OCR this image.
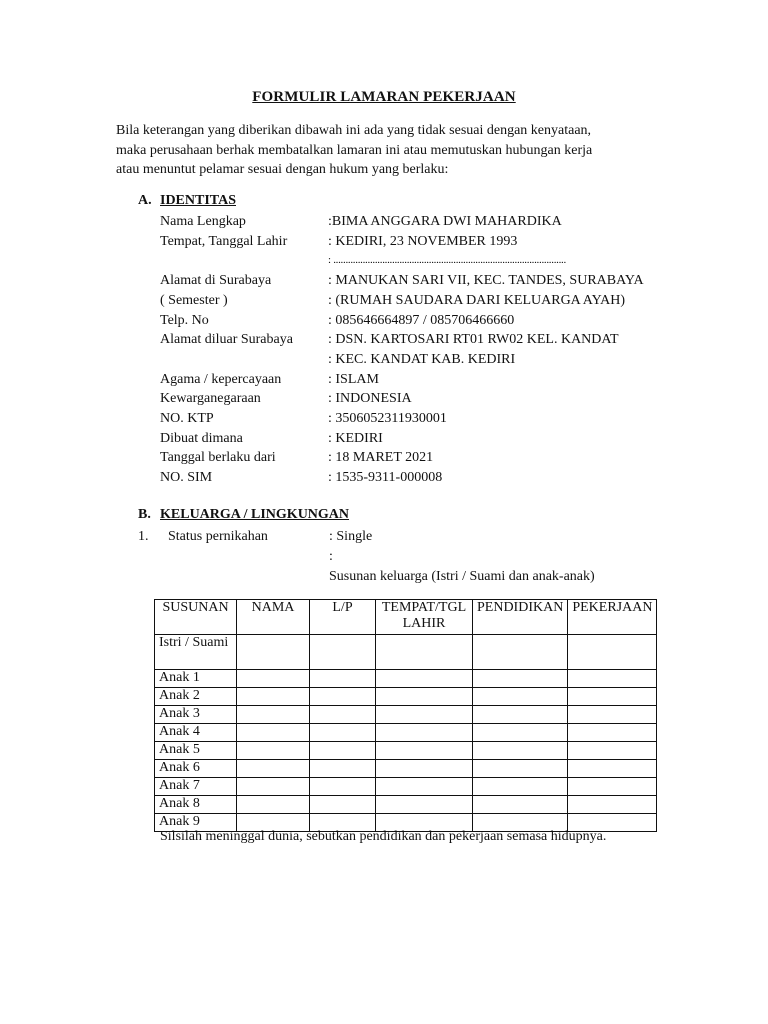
FORMULIR LAMARAN PEKERJAAN
Bila keterangan yang diberikan dibawah ini ada yang tidak sesuai dengan kenyataan,
maka perusahaan berhak membatalkan lamaran ini atau memutuskan hubungan kerja
atau menuntut pelamar sesuai dengan hukum yang berlaku:
A. IDENTITAS
Nama Lengkap	:BIMA ANGGARA DWI MAHARDIKA
Tempat, Tanggal Lahir	: KEDIRI, 23 NOVEMBER 1993
: ...............................................................................................
Alamat di Surabaya	: MANUKAN SARI VII, KEC. TANDES, SURABAYA
( Semester )	: (RUMAH SAUDARA DARI KELUARGA AYAH)
Telp. No	: 085646664897 / 085706466660
Alamat diluar Surabaya	: DSN. KARTOSARI RT01 RW02 KEL. KANDAT
: KEC. KANDAT KAB. KEDIRI
Agama / kepercayaan	: ISLAM
Kewarganegaraan	: INDONESIA
NO. KTP	: 3506052311930001
Dibuat dimana	: KEDIRI
Tanggal berlaku dari	: 18 MARET 2021
NO. SIM	: 1535-9311-000008
B. KELUARGA / LINGKUNGAN
1. Status pernikahan	: Single
:
Susunan keluarga (Istri / Suami dan anak-anak)
SUSUNAN	NAMA	L/P	TEMPAT/TGL LAHIR	PENDIDIKAN	PEKERJAAN
Istri / Suami					
Anak 1					
Anak 2					
Anak 3					
Anak 4					
Anak 5					
Anak 6					
Anak 7					
Anak 8					
Anak 9					
Silsilah meninggal dunia, sebutkan pendidikan dan pekerjaan semasa hidupnya.
